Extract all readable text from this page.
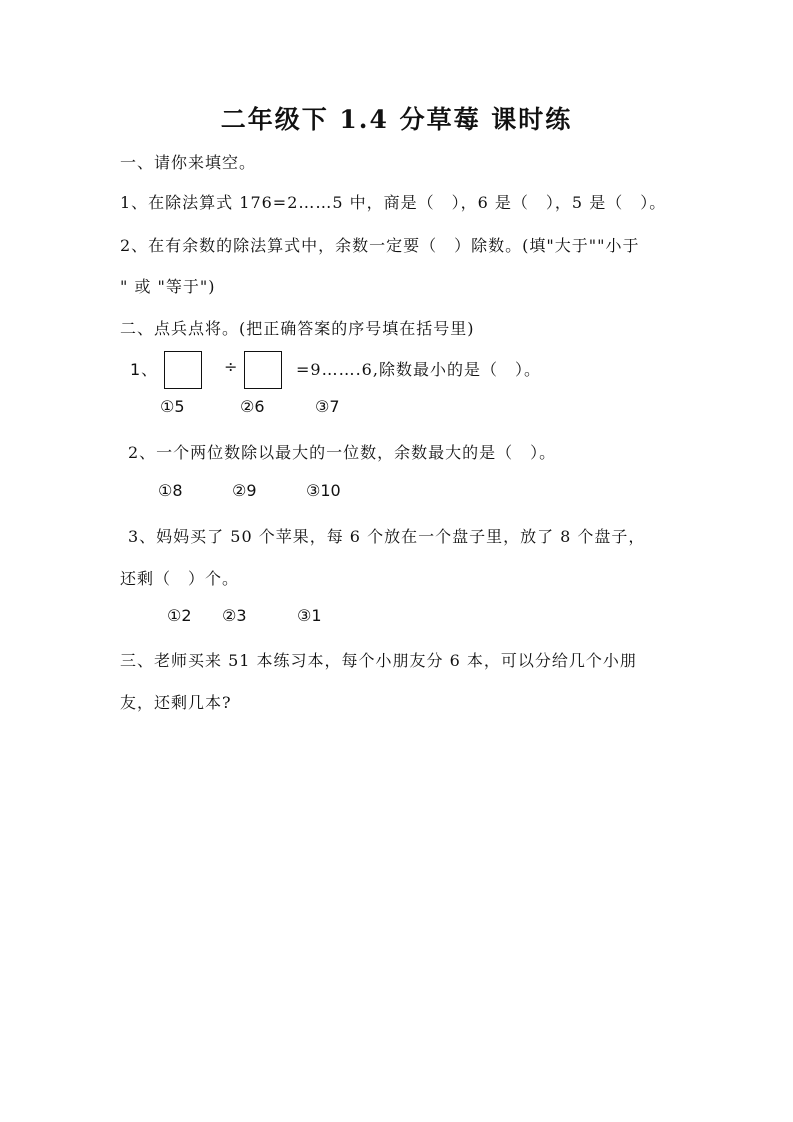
二年级下 1.4 分草莓 课时练
一、请你来填空。
1、在除法算式 176=2……5 中，商是（　），6 是（　），5 是（　）。
2、在有余数的除法算式中，余数一定要（　）除数。(填"大于""小于
" 或 "等于")
二、点兵点将。(把正确答案的序号填在括号里)
1、	÷	=9…….6,除数最小的是（　）。
①5	②6	③7
2、一个两位数除以最大的一位数，余数最大的是（　）。
①8	②9	③10
3、妈妈买了 50 个苹果，每 6 个放在一个盘子里，放了 8 个盘子，
还剩（　）个。
①2 ②3	③1
三、老师买来 51 本练习本，每个小朋友分 6 本，可以分给几个小朋
友，还剩几本?
